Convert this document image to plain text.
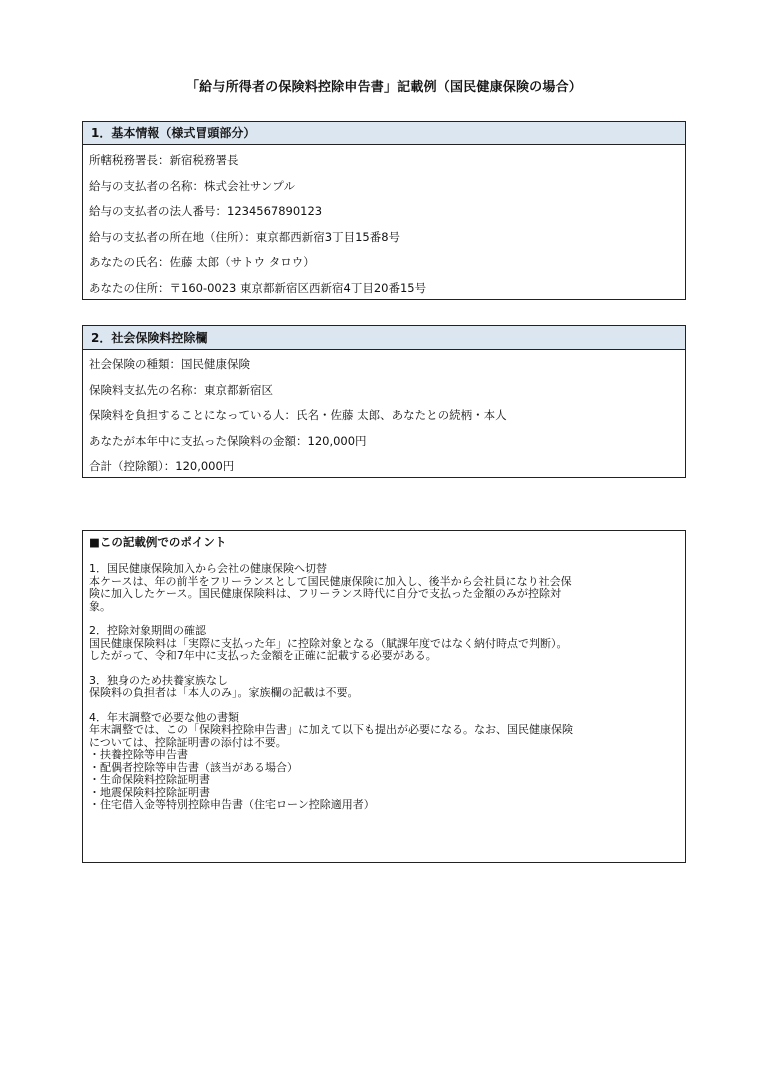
「給与所得者の保険料控除申告書」記載例（国民健康保険の場合）
1．基本情報（様式冒頭部分）
所轄税務署長：新宿税務署長
給与の支払者の名称：株式会社サンプル
給与の支払者の法人番号：1234567890123
給与の支払者の所在地（住所）：東京都西新宿3丁目15番8号
あなたの氏名：佐藤 太郎（サトウ タロウ）
あなたの住所：〒160-0023 東京都新宿区西新宿4丁目20番15号
2．社会保険料控除欄
社会保険の種類：国民健康保険
保険料支払先の名称：東京都新宿区
保険料を負担することになっている人：氏名・佐藤 太郎、あなたとの続柄・本人
あなたが本年中に支払った保険料の金額：120,000円
合計（控除額）：120,000円
■この記載例でのポイント
1．国民健康保険加入から会社の健康保険へ切替
本ケースは、年の前半をフリーランスとして国民健康保険に加入し、後半から会社員になり社会保
険に加入したケース。国民健康保険料は、フリーランス時代に自分で支払った金額のみが控除対
象。
2．控除対象期間の確認
国民健康保険料は「実際に支払った年」に控除対象となる（賦課年度ではなく納付時点で判断）。
したがって、令和7年中に支払った金額を正確に記載する必要がある。
3．独身のため扶養家族なし
保険料の負担者は「本人のみ」。家族欄の記載は不要。
4．年末調整で必要な他の書類
年末調整では、この「保険料控除申告書」に加えて以下も提出が必要になる。なお、国民健康保険
については、控除証明書の添付は不要。
・扶養控除等申告書
・配偶者控除等申告書（該当がある場合）
・生命保険料控除証明書
・地震保険料控除証明書
・住宅借入金等特別控除申告書（住宅ローン控除適用者）
